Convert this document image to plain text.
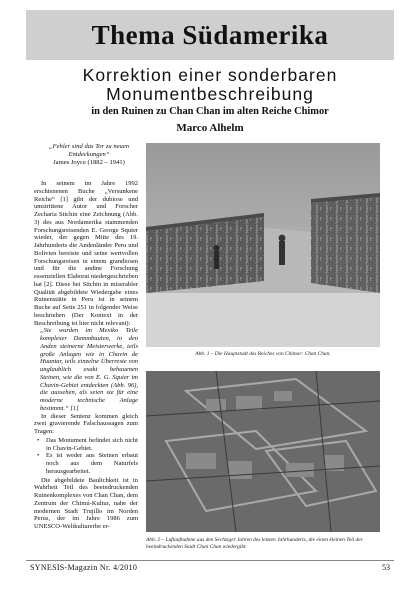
Thema Südamerika
Korrektion einer sonderbaren
Monumentbeschreibung
in den Ruinen zu Chan Chan im alten Reiche Chimor
Marco Alhelm
„Fehler sind das Tor zu neuen
Entdeckungen“
James Joyce (1882 – 1941)

In seinem im Jahre 1992 erschienenen Buche „Versunkene Reiche“ [1] gibt der dubiose und umstrittene Autor und Forscher Zecharia Sitchin eine Zeichnung (Abb. 3) des aus Nordamerika stammenden Forschungsreisenden E. George Squier wieder, der gegen Mitte des 19. Jahrhunderts die Andenländer Peru und Bolivien bereiste und seine wertvollen Forschungsreisen in einem grandiosen und für die andine Forschung essenziellen Elaborat niedergeschrieben hat [2]. Diese bei Sitchin in miserabler Qualität abgebildete Wiedergabe eines Ruinenstätte in Peru ist in seinem Buche auf Seite 251 in folgender Weise beschrieben (Der Kontext in der Beschreibung ist hier nicht relevant):

„Sie wurden im Mexiko Teile komplexer Dammbauten, in den Anden steinerne Meisterwerke, teils große Anlagen wie in Chavin de Huantar, teils einzelne Überreste von unglaublich exakt behauenen Steinen, wie die von E. G. Squier im Chavin-Gebiet entdeckten (Abb. 96), die aussehen, als seien sie für eine moderne technische Anlage bestimmt.“ [1]

In dieser Sentenz kommen gleich zwei gravierende Falschaussagen zum Tragen:

• Das Monument befindet sich nicht in Chavin-Gebiet.
• Es ist weder aus Steinen erbaut noch aus dem Naturfels herausgearbeitet.

Die abgebildete Baulichkeit ist in Wahrheit Teil des beeindruckenden Ruinenkomplexes von Chan Chan, dem Zentrum der Chimú-Kultur, nahe der modernen Stadt Trujillo im Norden Perus, der im Jahre 1986 zum UNESCO-Weltkulturerbe er-

Abb. 1 – Die Hauptstadt des Reiches von Chimor: Chan Chan.
Abb. 2 – Luftaufnahme aus den Sechziger Jahren des letzten Jahrhunderts, die einen kleinen Teil der beeindruckenden Stadt Chan Chan wiedergibt.
SYNESIS-Magazin Nr. 4/2010	53
